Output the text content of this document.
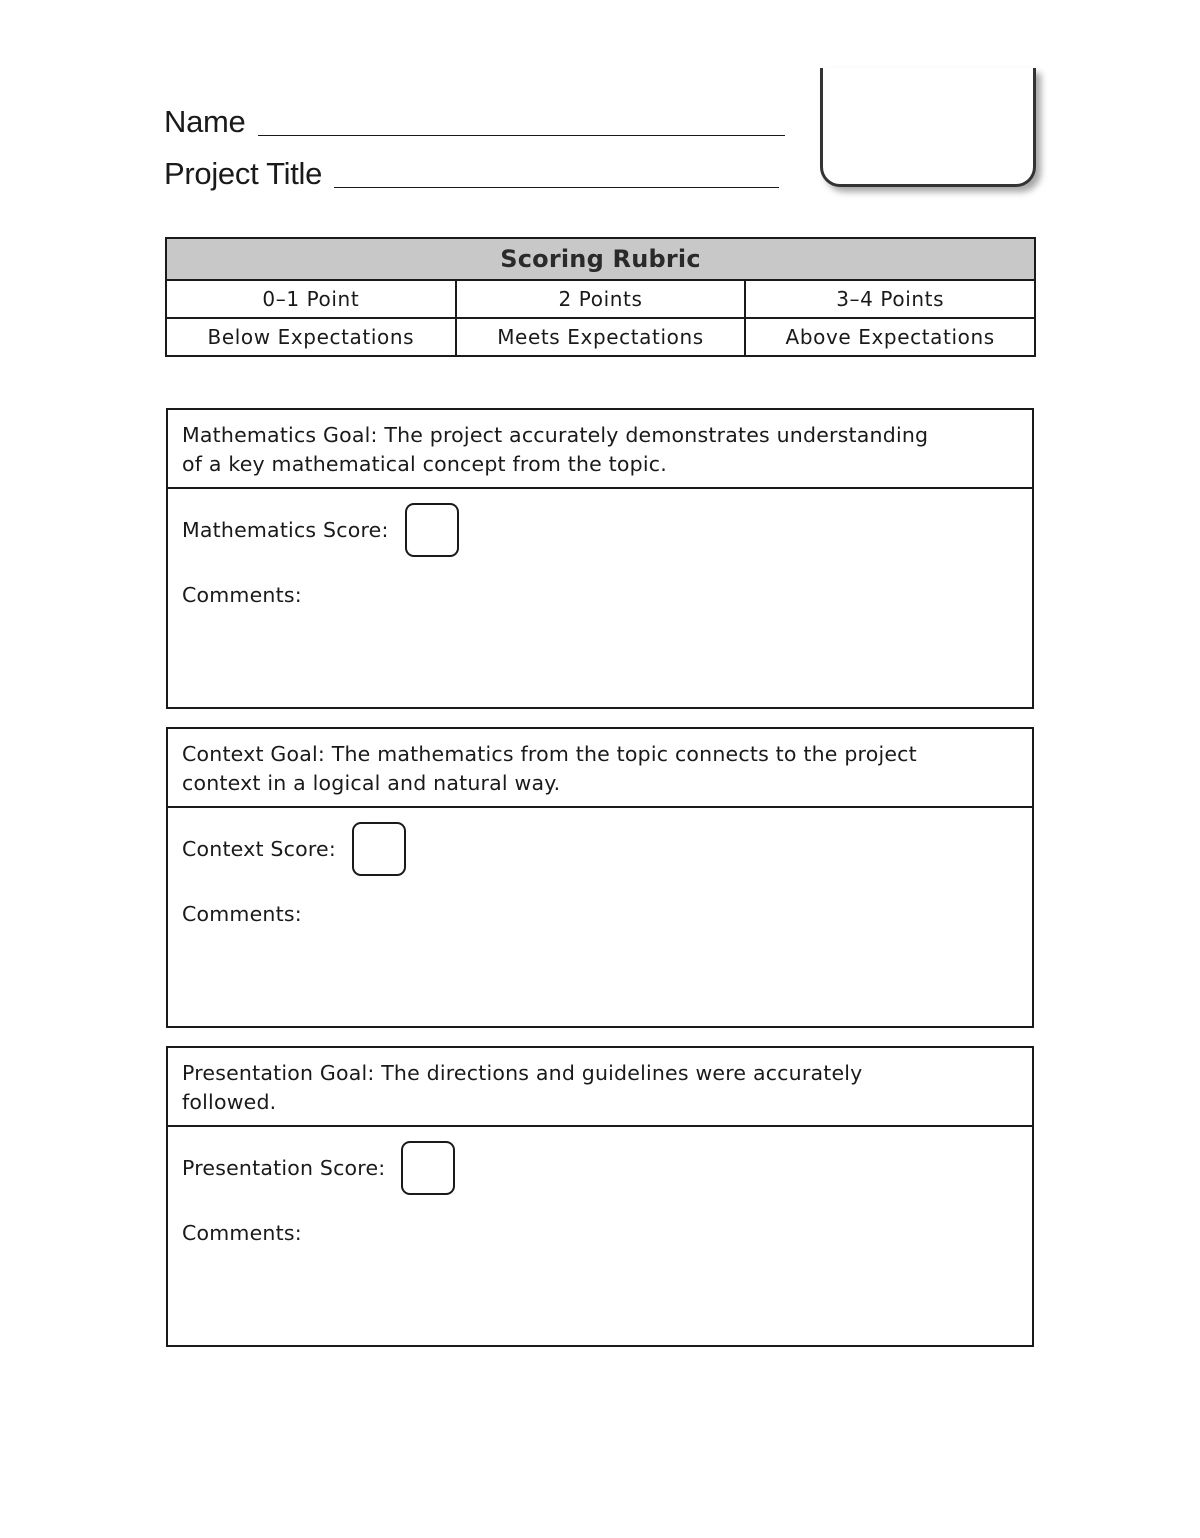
Name
Project Title
Scoring Rubric		
0–1 Point	2 Points	3–4 Points
Below Expectations	Meets Expectations	Above Expectations
Mathematics Goal: The project accurately demonstrates understanding of a key mathematical concept from the topic.
Mathematics Score:
Comments:
Context Goal: The mathematics from the topic connects to the project context in a logical and natural way.
Context Score:
Comments:
Presentation Goal: The directions and guidelines were accurately followed.
Presentation Score:
Comments:
